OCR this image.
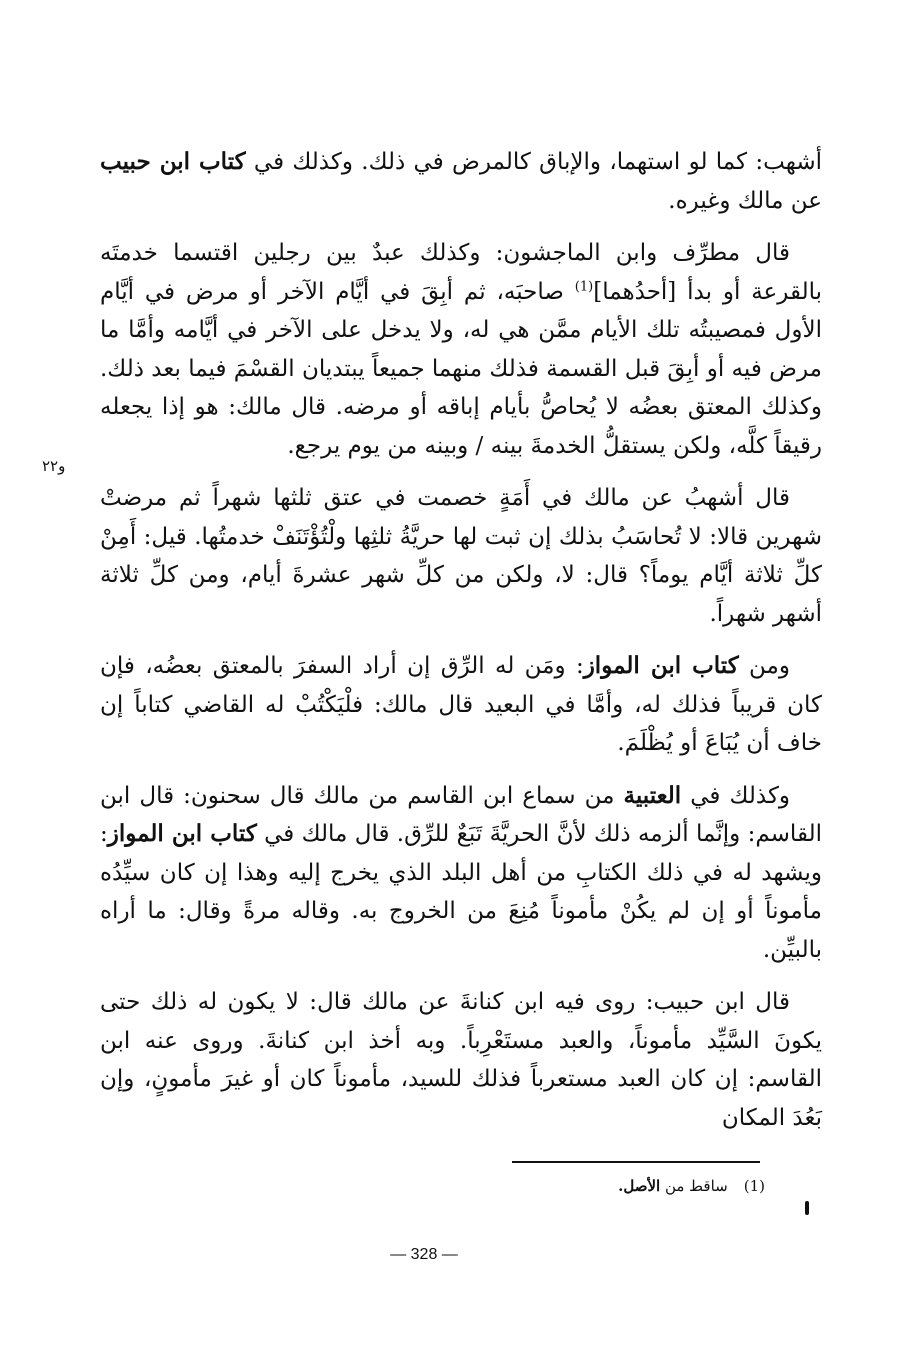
أشهب: كما لو استهما، والإباق كالمرض في ذلك. وكذلك في كتاب ابن حبيب عن مالك وغيره.

قال مطرِّف وابن الماجشون: وكذلك عبدٌ بين رجلين اقتسما خدمتَه بالقرعة أو بدأ [أحدُهما]$^{(1)}$ صاحبَه، ثم أبِقَ في أيَّام الآخر أو مرض في أيَّام الأول فمصيبتُه تلك الأيام ممَّن هي له، ولا يدخل على الآخر في أيَّامه وأمَّا ما مرض فيه أو أبِقَ قبل القسمة فذلك منهما جميعاً يبتديان القسْمَ فيما بعد ذلك. وكذلك المعتق بعضُه لا يُحاصُّ بأيام إباقه أو مرضه. قال مالك: هو إذا يجعله رقيقاً كلَّه، ولكن يستقلُّ الخدمةَ بينه / وبينه من يوم يرجع.

قال أشهبُ عن مالك في أَمَةٍ خصمت في عتق ثلثها شهراً ثم مرضتْ شهرين قالا: لا تُحاسَبُ بذلك إن ثبت لها حريَّةُ ثلثِها ولْتُؤْتَنَفْ خدمتُها. قيل: أَمِنْ كلِّ ثلاثة أيَّام يوماً؟ قال: لا، ولكن من كلِّ شهر عشرةَ أيام، ومن كلِّ ثلاثة أشهر شهراً.

ومن كتاب ابن المواز: ومَن له الرِّق إن أراد السفرَ بالمعتق بعضُه، فإن كان قريباً فذلك له، وأمَّا في البعيد قال مالك: فلْيَكْتُبْ له القاضي كتاباً إن خاف أن يُبَاعَ أو يُظْلَمَ.

وكذلك في العتبية من سماع ابن القاسم من مالك قال سحنون: قال ابن القاسم: وإنَّما ألزمه ذلك لأنَّ الحريَّةَ تَبَعٌ للرِّق. قال مالك في كتاب ابن المواز: ويشهد له في ذلك الكتابِ من أهل البلد الذي يخرج إليه وهذا إن كان سيِّدُه مأموناً أو إن لم يكُنْ مأموناً مُنِعَ من الخروج به. وقاله مرةً وقال: ما أراه بالبيِّن.

قال ابن حبيب: روى فيه ابن كنانةَ عن مالك قال: لا يكون له ذلك حتى يكونَ السَّيِّد مأموناً، والعبد مستَعْرِباً. وبه أخذ ابن كنانةَ. وروى عنه ابن القاسم: إن كان العبد مستعرباً فذلك للسيد، مأموناً كان أو غيرَ مأمونٍ، وإن بَعُدَ المكان

و٢٢
(1)ساقط من الأصل.
— 328 —
